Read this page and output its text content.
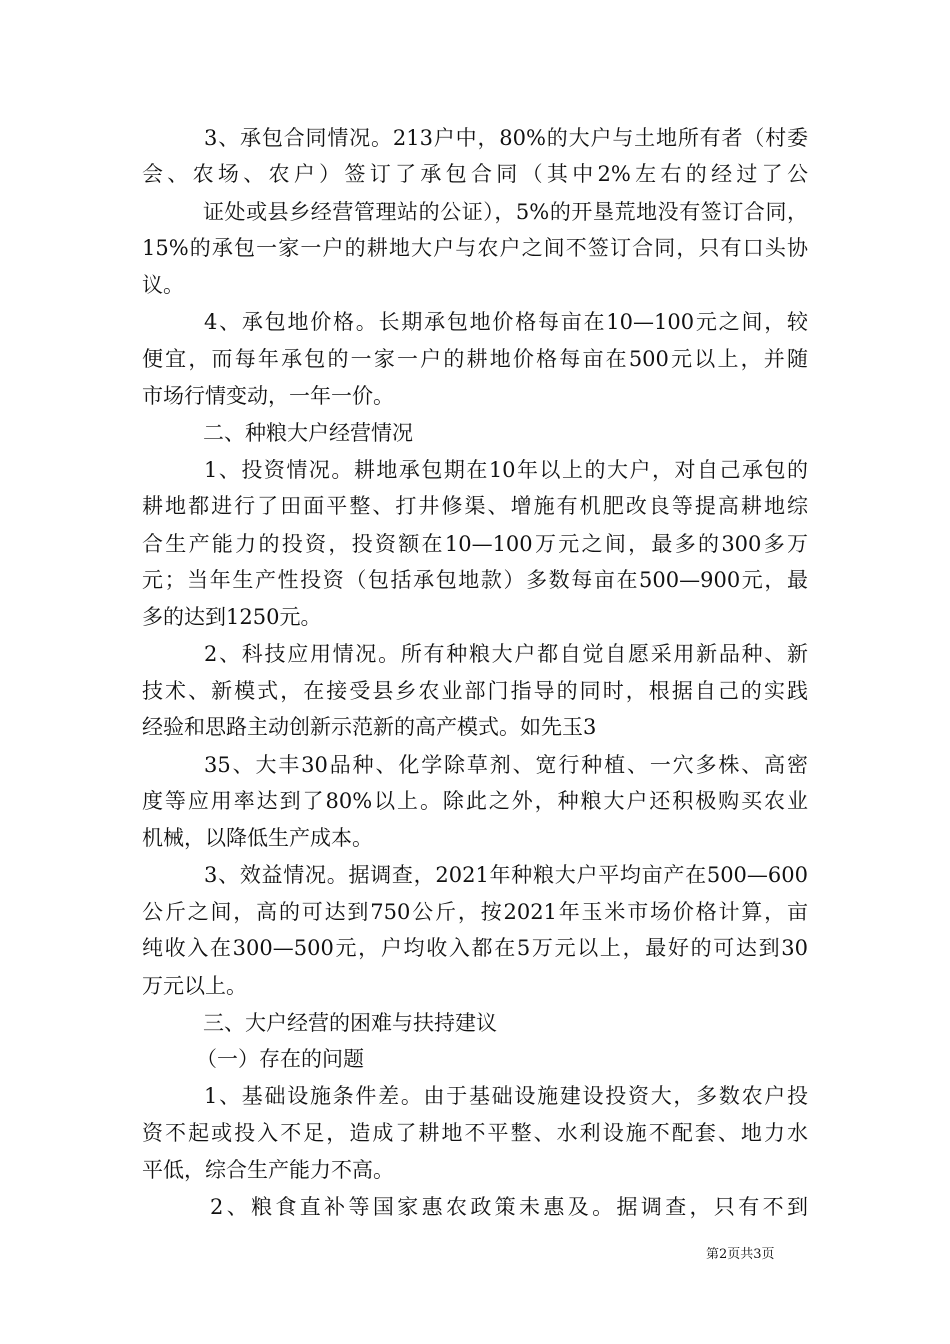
3、承包合同情况。213户中，80%的大户与土地所有者（村委
会、农场、农户）签订了承包合同（其中2%左右的经过了公
证处或县乡经营管理站的公证），5%的开垦荒地没有签订合同，
15%的承包一家一户的耕地大户与农户之间不签订合同，只有口头协
议。
4、承包地价格。长期承包地价格每亩在10—100元之间，较
便宜，而每年承包的一家一户的耕地价格每亩在500元以上，并随
市场行情变动，一年一价。
二、种粮大户经营情况
1、投资情况。耕地承包期在10年以上的大户，对自己承包的
耕地都进行了田面平整、打井修渠、增施有机肥改良等提高耕地综
合生产能力的投资，投资额在10—100万元之间，最多的300多万
元；当年生产性投资（包括承包地款）多数每亩在500—900元，最
多的达到1250元。
2、科技应用情况。所有种粮大户都自觉自愿采用新品种、新
技术、新模式，在接受县乡农业部门指导的同时，根据自己的实践
经验和思路主动创新示范新的高产模式。如先玉3
35、大丰30品种、化学除草剂、宽行种植、一穴多株、高密
度等应用率达到了80%以上。除此之外，种粮大户还积极购买农业
机械，以降低生产成本。
3、效益情况。据调查，2021年种粮大户平均亩产在500—600
公斤之间，高的可达到750公斤，按2021年玉米市场价格计算，亩
纯收入在300—500元，户均收入都在5万元以上，最好的可达到30
万元以上。
三、大户经营的困难与扶持建议
（一）存在的问题
1、基础设施条件差。由于基础设施建设投资大，多数农户投
资不起或投入不足，造成了耕地不平整、水利设施不配套、地力水
平低，综合生产能力不高。
2、粮食直补等国家惠农政策未惠及。据调查，只有不到
第2页共3页
